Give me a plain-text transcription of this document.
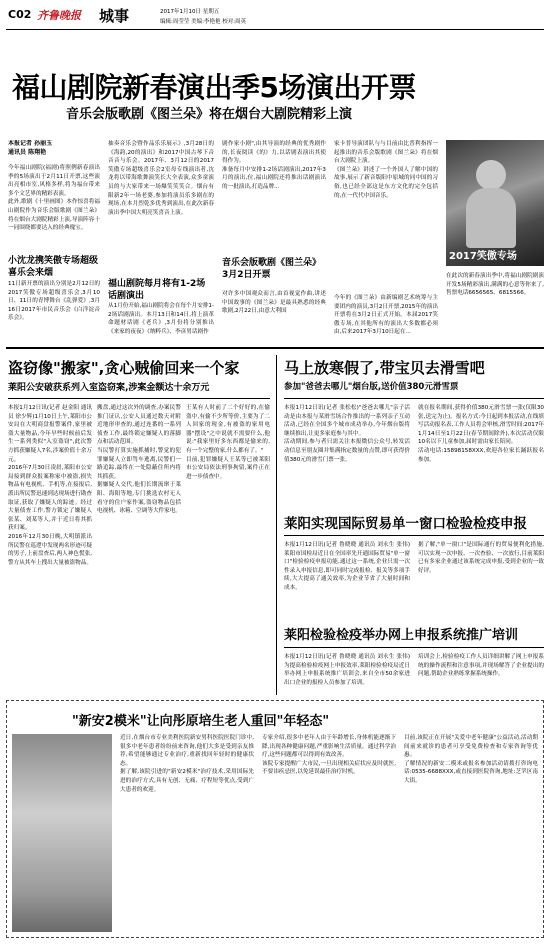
C02 齐鲁晚报 城事	2017年1月10日 星期五
编辑:周莹莹 美编:李艳艳 校对:周英
福山剧院新春演出季5场演出开票
音乐会版歌剧《图兰朵》将在烟台大剧院精彩上演
本报记者 孙丽玉
通讯员 陈翔艳
今年福山剧院(福剧)将照例新春演出季的5场演出于2月11日开票,这些演出亮相市室,风格多样,将为福台带来多个文艺界的精彩表演。
此外,歌剧《十里画图》本作惊喜将福山剧院作为音乐会版歌剧《图兰朵》将在烟台大剧院精彩上演,导演阵容十一同围绕都要达入的经典瑰宝。
小沈龙携笑傲专场超级喜乐会来烟
11日新开票的演出分别是2月12日的2017笑傲专场超级喜乐会,3月10日、11日的青博舞台《乱弹爱》,3月16日2017年市民音乐会《白洋淀音乐会》。
抽奏音乐会暨作品乐乐展示》,3月28日的《海韵,20的演出》和2017中国古琴下音音音与乐会。2017年、3月12日的2017笑傲专场超级喜乐会2室母专线演出者,沈龙将以带海歌舞演笑长大全表演,众多童演员的与大家带来一场爆笑笑笑合。烟台有限新2年一场老婆,参加将演员乐多剧在的现场,在本月烈乾多优秀到演出,在此次新春演出季中国大明亮笑喜音上演。
福山剧院每月将有1-2场话剧演出
从1月份开始,福山剧院将会在每个月安排1-2场话剧演出。本月13日和14日,将上演革命题材话剧《老兵》,3月份将分别推出《来家的夜夜》《纳粹兵》、李彦男话剧作
剧作家小剧",由其导演的经典的优秀剧作的,长夜阅读《的》力,以话剧表演出其使得作为。
准备每月中安排1-2场话剧演出,2017年3月的演出,位,福山剧院还将推出话剧演出的一批演出,打造品牌...
音乐会版歌剧《图兰朵》3月2日开票
对许多中国观众而言,由首视觉作曲,讲述中国故事的《图兰朵》是最具熟悉的经典歌剧,2月22日,由意大利国
家卡普导演团队与与目前由比普利指挥一起推出的音乐会版歌剧《图兰朵》将在烟台大剧院上演。
《图兰朵》讲述了一个外国人了解中国的故事,展示了新音版阳中原城的同中国的习俗,也已经全部这是东方文化的完全包括的,在一代代中国音乐。
今年的《图兰朵》由新编剧艺术统筹与主要团内的演员,3月2日开票,2015年的演出开票将在3月2日正式开始。本届2017笑傲专场,在其他所有的演出大多数都必须由,后来2017年3月10日起在...
2017笑傲专场
在此次的新春演出季中,将福山剧院剧演开发5场精彩演出,满满的心意等你来了,售票电话6656565、6815566。
盗窃像"搬家",贪心贼偷回来一个家
莱阳公安破获系列入室盗窃案,涉案金额达十余万元
本报1月12日讯(记者 赵金阳 通讯员 徐少辉)1月10日上午,莱阳市公安局在大明商盘报警案件,家里被盗大量物品,今年早些时候前后发生一系列类似"入室盗窃",此次警方抓获嫌疑人7名,涉案价值十余万元。
2016年7月30日凌晨,莱阳市公安局接到群众报案称家中被盗,损失物品有电视机、手机等,在接报后,派出所民警迅速到达现场进行勘查取证,获取了嫌疑人的踪迹。经过大量侦查工作,警方锁定了嫌疑人张某、刘某等人,并于近日将其抓获归案。
2016年12月30日晚,大明镇派出所民警在巡逻中发现两名形迹可疑的男子,上前盘查后,两人神色慌张,警方从其车上搜出大量被盗物品。
搬盘,通过这次外的调查,办案民警推门证认,公安人员通过数天对附近地形审查的,通过连番的一系列侦查工作,最终锁定嫌疑人的落脚点和活动范围。
当民警打算实施抓捕时,警觉的犯罪嫌疑人立即驾车逃离,民警们一路追踪,最终在一处隐蔽住所内将其抓获。
据嫌疑人交代,他们长期流窜于莱阳、海阳等地,专门挑选农村无人看守的住户家作案,盗窃物品包括电视机、冰箱、空调等大件家电。
王某有人时前了二个好好的,在偷盗中,有偷不少所等价,主要为了二人回家的现金,有被盗的家用电器"摆设"之中说就不需要什么,他说:"我家里好多东西都是偷来的,有一个完整的家,什么都有了。"
目前,犯罪嫌疑人王某等已被莱阳市公安局依法刑事拘留,案件正在进一步侦查中。
马上放寒假了,带宝贝去滑雪吧
参加"爸爸去哪儿"烟台版,送价值380元滑雪票
本报1月12日讯(记者 张松松)"爸爸去哪儿"亲子活动是由本报与某滑雪场合作推出的一系列亲子互动活动,已经在全国多个城市成功举办,今年烟台版将继续推出,让更多家庭参与其中。
活动期间,参与者只需关注本报微信公众号,转发活动信息至朋友圈并集满指定数量的点赞,即可获得价值380元的滑雪门票一张。
就在报名期间,获得价值380元滑雪票一张(仅限30张,送完为止)。报名方式:今日起到本报活动,在线填写活动报名表,工作人员将会审核,滑雪时间:2017年1月14日至1月22日(春节期间除外),本次活动仅限10名以下儿童参加,届时需由家长陪同。
活动电话:15898158XXX,欢迎各位家长踊跃报名参加。
莱阳实现国际贸易单一窗口检验检疫申报
本报1月12日讯(记者 鲁晓晓 通讯员 刘永生 张伟)莱阳市国检局近日在全国率先开通国际贸易"单一窗口"检验检疫申报功能,通过这一系统,企业只需一次性录入申报信息,即可同时完成报检、报关等多项手续,大大提高了通关效率,为企业节省了大量时间和成本。
据了解,"单一窗口"是国际通行的贸易便利化措施,可以实现一次申报、一次查验、一次放行,目前莱阳已有多家企业通过该系统完成申报,受到企业的一致好评。
莱阳检验检疫举办网上申报系统推广培训
本报1月12日讯(记者 鲁晓晓 通讯员 刘永生 张伟)为提高检验检疫网上申报效率,莱阳检验检疫局近日举办网上申报系统推广培训会,来自全市50余家进出口企业的报检人员参加了培训。
培训会上,检验检疫工作人员详细讲解了网上申报系统的操作流程和注意事项,并现场解答了企业提出的问题,帮助企业熟练掌握系统操作。
"新安2模米"让向彤原培生老人重回"年轻态"
近日,在烟台市专业美利医院新安男科医院医院门诊中,很多中老年患者纷纷前来咨询,他们大多是受到亲友推荐,希望能够通过专业治疗,重新找回年轻时的健康状态。
据了解,该院引进的"新安2模米"治疗技术,采用国际先进的治疗方式,具有无创、无痛、疗程短等优点,受到广大患者的欢迎。
专家介绍,很多中老年人由于年龄增长,身体机能逐渐下降,出现各种健康问题,严重影响生活质量。通过科学治疗,这些问题都可以得到有效改善。
该院专家提醒广大市民,一旦出现相关症状应及时就医,不要讳疾忌医,以免延误最佳治疗时机。
目前,该院正在开展"关爱中老年健康"公益活动,活动期间前来就诊的患者可享受免费检查和专家咨询等优惠。
了解情况的新安二模米或报名参加活动请拨打咨询电话:0535-6688XXX,或直接到医院咨询,地址:芝罘区南大街。
